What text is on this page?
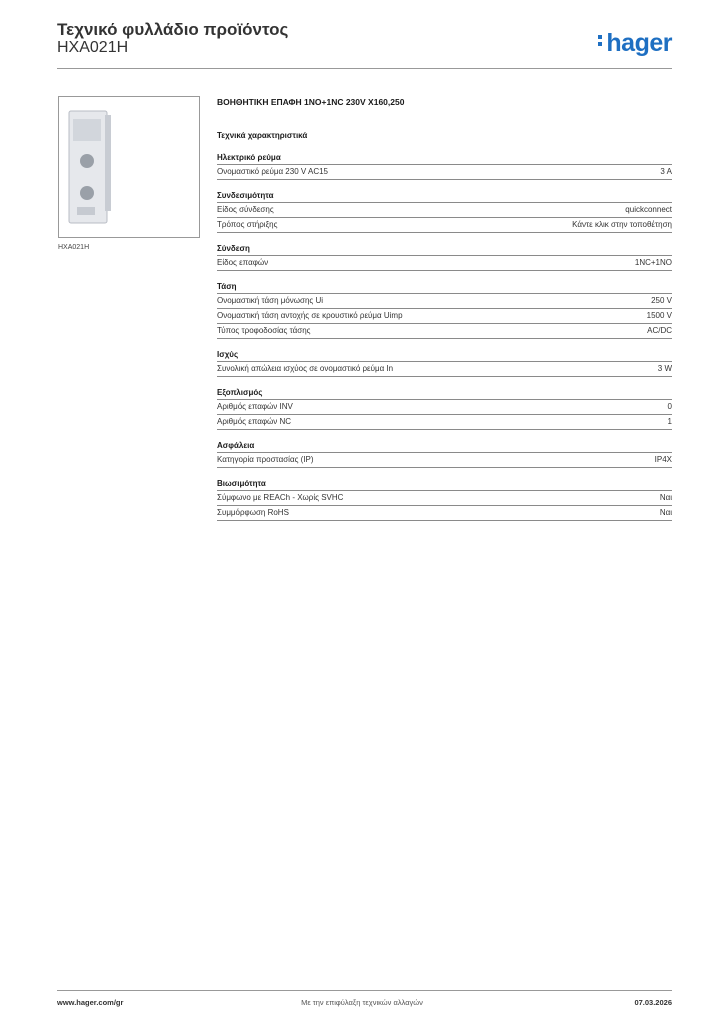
Τεχνικό φυλλάδιο προϊόντος
HXA021H	hager
HXA021H
ΒΟΗΘΗΤΙΚΗ ΕΠΑΦΗ 1NO+1NC 230V X160,250
Τεχνικά χαρακτηριστικά
Ηλεκτρικό ρεύμα
Ονομαστικό ρεύμα 230 V AC15	3 A
Συνδεσιμότητα
Είδος σύνδεσης	quickconnect
Τρόπος στήριξης	Κάντε κλικ στην τοποθέτηση
Σύνδεση
Είδος επαφών	1NC+1NO
Τάση
Ονομαστική τάση μόνωσης Ui	250 V
Ονομαστική τάση αντοχής σε κρουστικό ρεύμα Uimp	1500 V
Τύπος τροφοδοσίας τάσης	AC/DC
Ισχύς
Συνολική απώλεια ισχύος σε ονομαστικό ρεύμα In	3 W
Εξοπλισμός
Αριθμός επαφών INV	0
Αριθμός επαφών NC	1
Ασφάλεια
Κατηγορία προστασίας (IP)	IP4X
Βιωσιμότητα
Σύμφωνο με REACh - Χωρίς SVHC	Ναι
Συμμόρφωση RoHS	Ναι
www.hager.com/gr	Με την επιφύλαξη τεχνικών αλλαγών	07.03.2026
